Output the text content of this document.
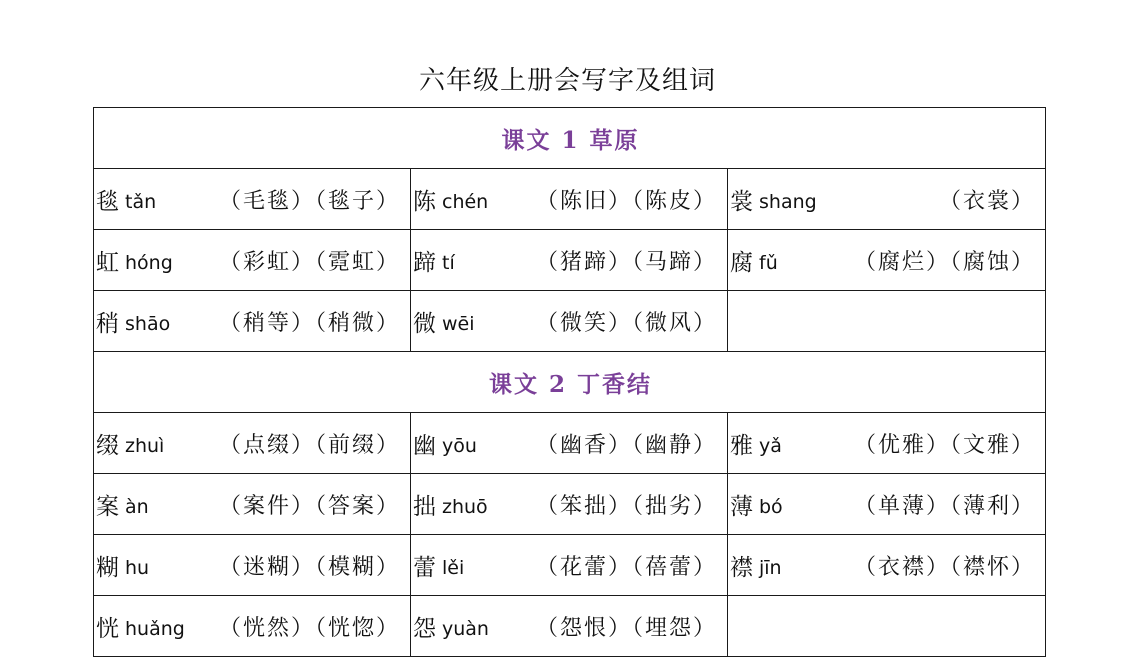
六年级上册会写字及组词
课文 1 草原		

毯 tǎn （毛毯）（毯子）	陈 chén （陈旧）（陈皮）	裳 shang （衣裳）

虹 hóng （彩虹）（霓虹）	蹄 tí （猪蹄）（马蹄）	腐 fǔ （腐烂）（腐蚀）

稍 shāo （稍等）（稍微）	微 wēi （微笑）（微风）	

课文 2 丁香结		

缀 zhuì （点缀）（前缀）	幽 yōu （幽香）（幽静）	雅 yǎ （优雅）（文雅）

案 àn （案件）（答案）	拙 zhuō （笨拙）（拙劣）	薄 bó （单薄）（薄利）

糊 hu （迷糊）（模糊）	蕾 lěi （花蕾）（蓓蕾）	襟 jīn （衣襟）（襟怀）

恍 huǎng （恍然）（恍惚）	怨 yuàn （怨恨）（埋怨）	
